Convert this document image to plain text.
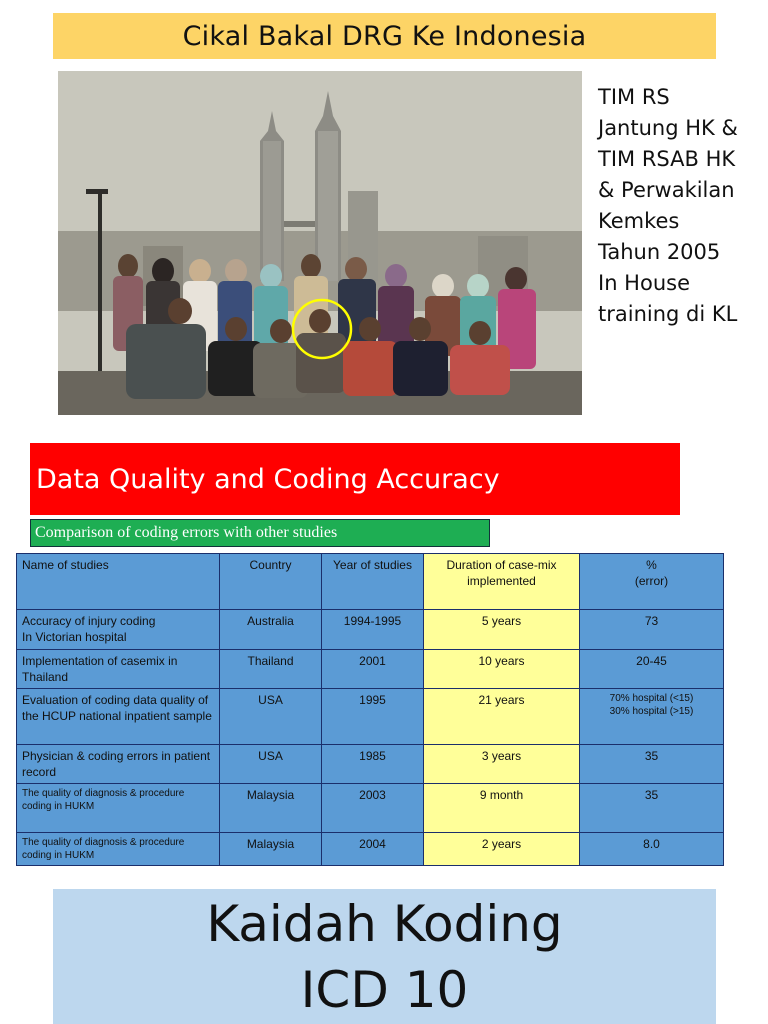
Cikal Bakal DRG Ke Indonesia
TIM RS
Jantung HK &
TIM RSAB HK
& Perwakilan
Kemkes
Tahun 2005
In House
training di KL
Data Quality and Coding Accuracy
Comparison of coding errors with other studies
Name of studies	Country	Year of studies	Duration of case-mix implemented	%
(error)
Accuracy of injury coding
In Victorian hospital	Australia	1994-1995	5 years	73
Implementation of casemix in Thailand	Thailand	2001	10 years	20-45
Evaluation of coding data quality of the HCUP national inpatient sample	USA	1995	21 years	70% hospital (<15)
30% hospital (>15)
Physician & coding errors in patient record	USA	1985	3 years	35
The quality of diagnosis & procedure coding in HUKM	Malaysia	2003	9 month	35
The quality of diagnosis & procedure coding in HUKM	Malaysia	2004	2 years	8.0
Kaidah Koding
ICD 10
